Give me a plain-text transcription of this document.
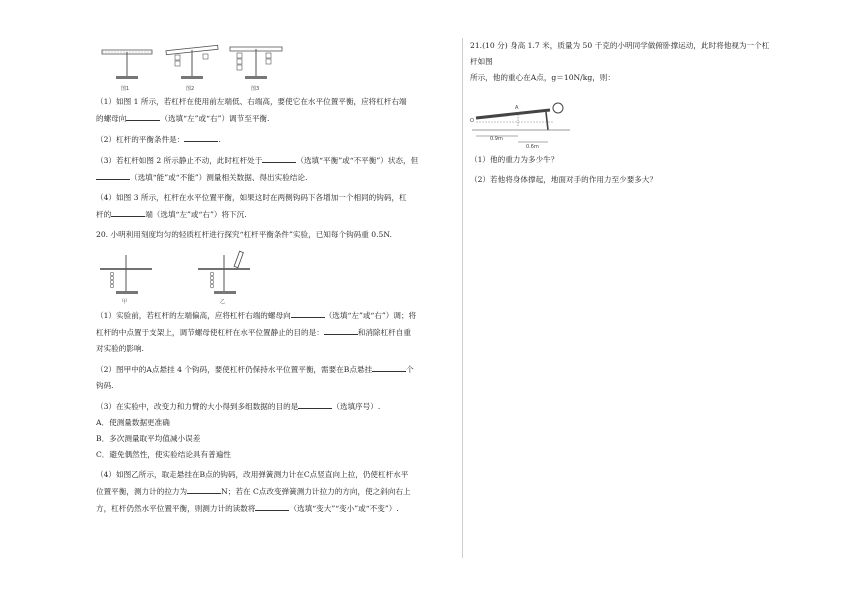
图1	图2	图3

（1）如图 1 所示，若杠杆在使用前左端低、右端高，要使它在水平位置平衡，应将杠杆右端
的螺母向	（选填“左”或“右”）调节至平衡.

（2）杠杆的平衡条件是：	.

（3）若杠杆如图 2 所示静止不动，此时杠杆处于	（选填“平衡”或“不平衡”）状态，但
（选填“能”或“不能”）测量相关数据、得出实验结论.

（4）如图 3 所示，杠杆在水平位置平衡，如果这时在两侧钩码下各增加一个相同的钩码，杠
杆的	端（选填“左”或“右”）将下沉.

20. 小明利用刻度均匀的轻质杠杆进行探究“杠杆平衡条件”实验，已知每个钩码重 0.5N.

甲	乙

（1）实验前，若杠杆的左端偏高，应将杠杆右端的螺母向	（选填“左”或“右”）调；将
杠杆的中点置于支架上，调节螺母使杠杆在水平位置静止的目的是：	和消除杠杆自重
对实验的影响.

（2）图甲中的A点悬挂 4 个钩码，要使杠杆仍保持水平位置平衡，需要在B点悬挂	个
钩码.

（3）在实验中，改变力和力臂的大小得到多组数据的目的是	（选填序号）.
A．使测量数据更准确
B．多次测量取平均值减小误差
C．避免偶然性，使实验结论具有普遍性

（4）如图乙所示，取走悬挂在B点的钩码，改用弹簧测力计在C点竖直向上拉，仍使杠杆水平
位置平衡，测力计的拉力为	N；若在 C点改变弹簧测力计拉力的方向，使之斜向右上
方，杠杆仍然水平位置平衡，则测力计的读数将	（选填“变大”“变小”或“不变”）.

21.(10 分) 身高 1.7 米，质量为 50 千克的小明同学做俯卧撑运动，此时将他视为一个杠杆如图
所示，他的重心在A点，g＝10N/kg，则：

O
A
0.9m
0.6m

（1）他的重力为多少牛？

（2）若他将身体撑起，地面对手的作用力至少要多大？
